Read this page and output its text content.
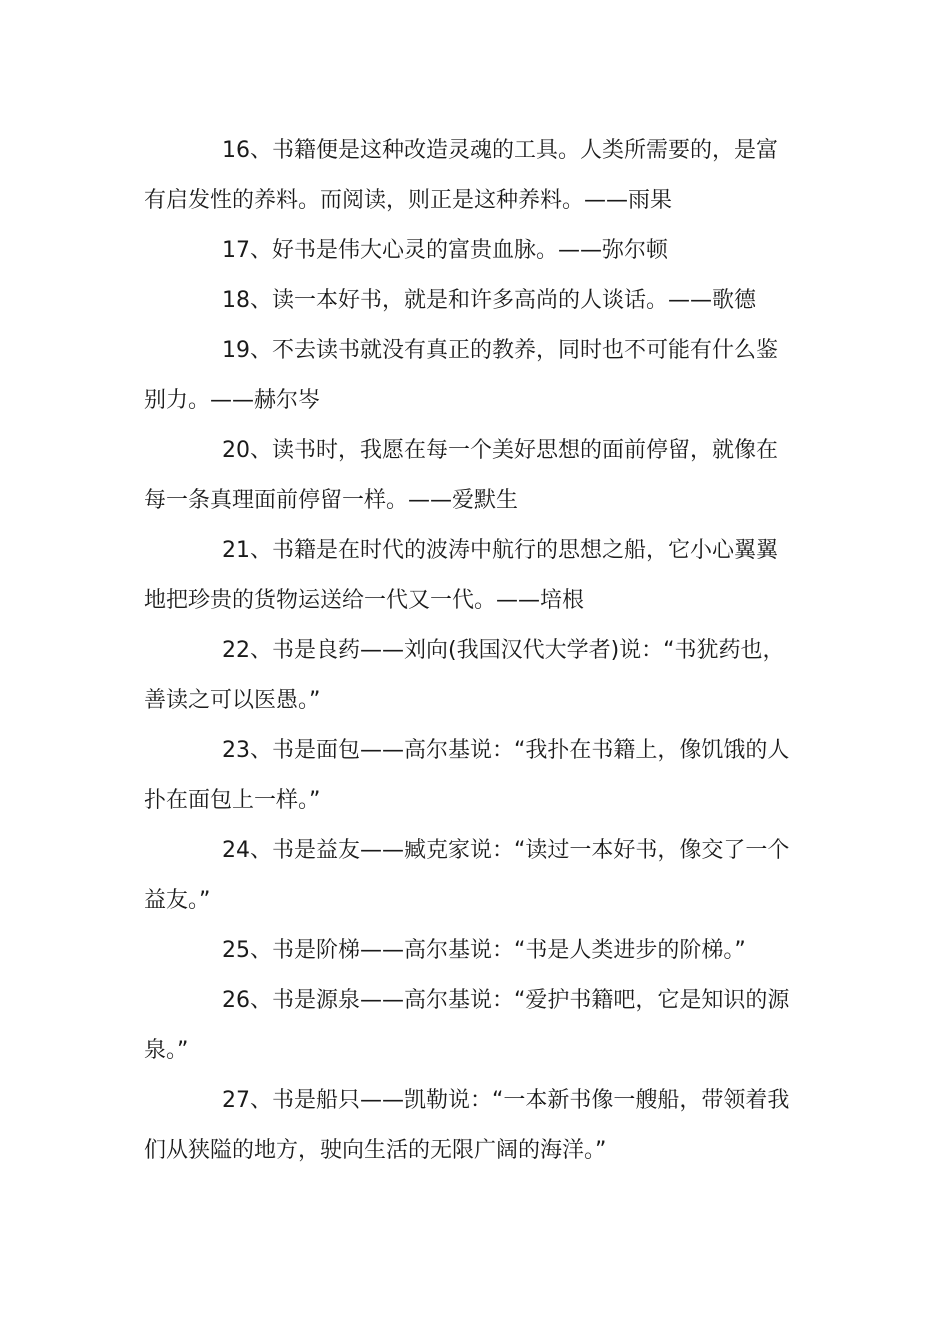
16、书籍便是这种改造灵魂的工具。人类所需要的，是富有启发性的养料。而阅读，则正是这种养料。——雨果

17、好书是伟大心灵的富贵血脉。——弥尔顿

18、读一本好书，就是和许多高尚的人谈话。——歌德

19、不去读书就没有真正的教养，同时也不可能有什么鉴别力。——赫尔岑

20、读书时，我愿在每一个美好思想的面前停留，就像在每一条真理面前停留一样。——爱默生

21、书籍是在时代的波涛中航行的思想之船，它小心翼翼地把珍贵的货物运送给一代又一代。——培根

22、书是良药——刘向(我国汉代大学者)说：“书犹药也，善读之可以医愚。”

23、书是面包——高尔基说：“我扑在书籍上，像饥饿的人扑在面包上一样。”

24、书是益友——臧克家说：“读过一本好书，像交了一个益友。”

25、书是阶梯——高尔基说：“书是人类进步的阶梯。”

26、书是源泉——高尔基说：“爱护书籍吧，它是知识的源泉。”

27、书是船只——凯勒说：“一本新书像一艘船，带领着我们从狭隘的地方，驶向生活的无限广阔的海洋。”
